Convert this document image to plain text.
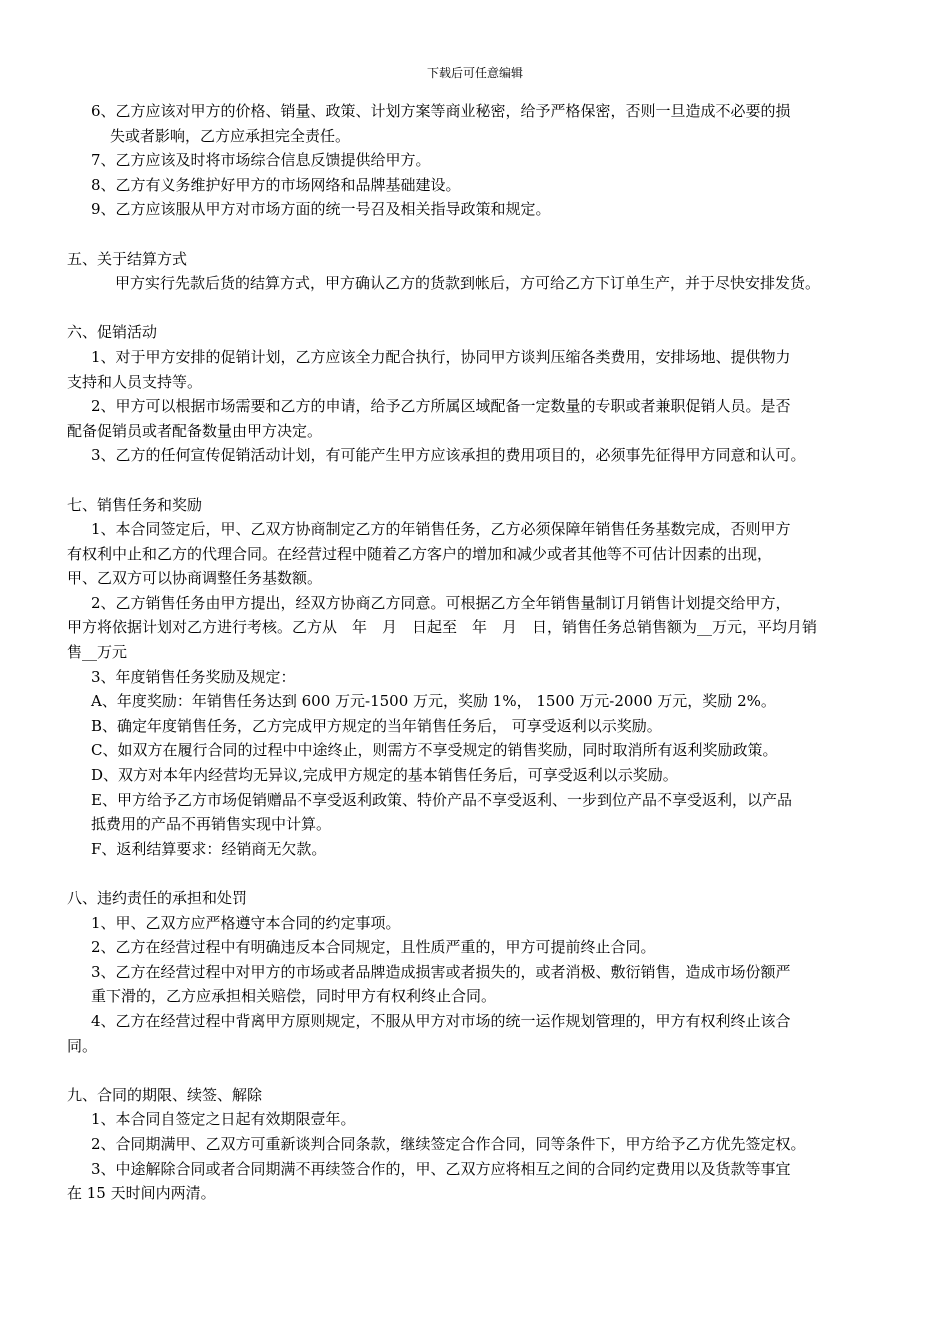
下载后可任意编辑

6、乙方应该对甲方的价格、销量、政策、计划方案等商业秘密，给予严格保密，否则一旦造成不必要的损

失或者影响，乙方应承担完全责任。

7、乙方应该及时将市场综合信息反馈提供给甲方。

8、乙方有义务维护好甲方的市场网络和品牌基础建设。

9、乙方应该服从甲方对市场方面的统一号召及相关指导政策和规定。

五、关于结算方式

甲方实行先款后货的结算方式，甲方确认乙方的货款到帐后，方可给乙方下订单生产，并于尽快安排发货。

六、促销活动

1、对于甲方安排的促销计划，乙方应该全力配合执行，协同甲方谈判压缩各类费用，安排场地、提供物力

支持和人员支持等。

2、甲方可以根据市场需要和乙方的申请，给予乙方所属区域配备一定数量的专职或者兼职促销人员。是否

配备促销员或者配备数量由甲方决定。

3、乙方的任何宣传促销活动计划，有可能产生甲方应该承担的费用项目的，必须事先征得甲方同意和认可。

七、销售任务和奖励

1、本合同签定后，甲、乙双方协商制定乙方的年销售任务，乙方必须保障年销售任务基数完成，否则甲方

有权利中止和乙方的代理合同。在经营过程中随着乙方客户的增加和减少或者其他等不可估计因素的出现，

甲、乙双方可以协商调整任务基数额。

2、乙方销售任务由甲方提出，经双方协商乙方同意。可根据乙方全年销售量制订月销售计划提交给甲方，

甲方将依据计划对乙方进行考核。乙方从　年　月　日起至　年　月　日，销售任务总销售额为__万元，平均月销

售__万元

3、年度销售任务奖励及规定：

A、年度奖励：年销售任务达到 600 万元-1500 万元，奖励 1%， 1500 万元-2000 万元，奖励 2%。

B、确定年度销售任务，乙方完成甲方规定的当年销售任务后， 可享受返利以示奖励。

C、如双方在履行合同的过程中中途终止，则需方不享受规定的销售奖励，同时取消所有返利奖励政策。

D、双方对本年内经营均无异议,完成甲方规定的基本销售任务后，可享受返利以示奖励。

E、甲方给予乙方市场促销赠品不享受返利政策、特价产品不享受返利、一步到位产品不享受返利，以产品

抵费用的产品不再销售实现中计算。

F、返利结算要求：经销商无欠款。

八、违约责任的承担和处罚

1、甲、乙双方应严格遵守本合同的约定事项。

2、乙方在经营过程中有明确违反本合同规定，且性质严重的，甲方可提前终止合同。

3、乙方在经营过程中对甲方的市场或者品牌造成损害或者损失的，或者消极、敷衍销售，造成市场份额严

重下滑的，乙方应承担相关赔偿，同时甲方有权利终止合同。

4、乙方在经营过程中背离甲方原则规定，不服从甲方对市场的统一运作规划管理的，甲方有权利终止该合

同。

九、合同的期限、续签、解除

1、本合同自签定之日起有效期限壹年。

2、合同期满甲、乙双方可重新谈判合同条款，继续签定合作合同，同等条件下，甲方给予乙方优先签定权。

3、中途解除合同或者合同期满不再续签合作的，甲、乙双方应将相互之间的合同约定费用以及货款等事宜

在 15 天时间内两清。
